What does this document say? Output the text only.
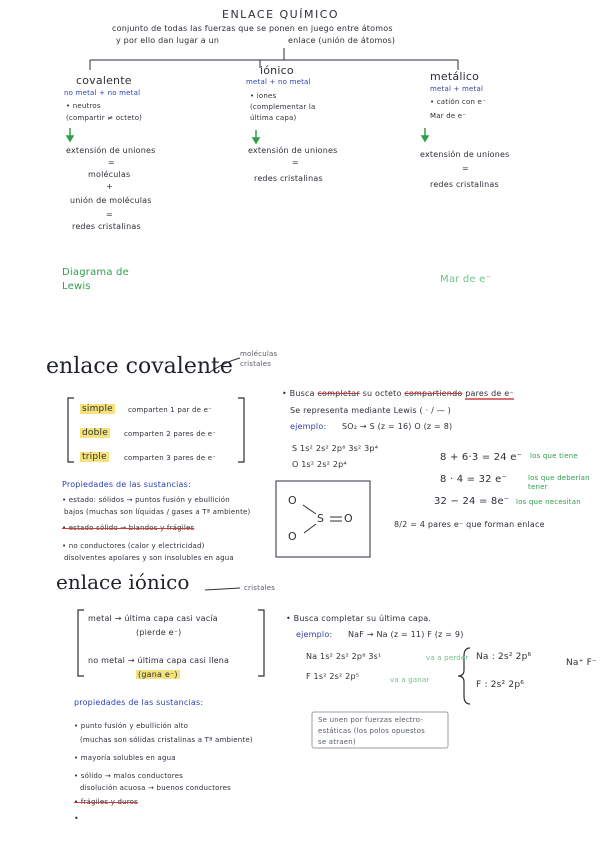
ENLACE QUÍMICO
conjunto de todas las fuerzas que se ponen en juego entre átomos
y por ello dan lugar a un	enlace (unión de átomos)
covalente
no metal + no metal
• neutros
(compartir ≠ octeto)
extensión de uniones
=
moléculas
+
unión de moléculas
=
redes cristalinas
iónico
metal + no metal
• iones
(complementar la
última capa)
extensión de uniones
=
redes cristalinas
metálico
metal + metal
• catión con e⁻
Mar de e⁻
extensión de uniones
=
redes cristalinas
Diagrama de Lewis
Mar de e⁻
enlace covalente moléculas
cristales
simple comparten 1 par de e⁻
doble comparten 2 pares de e⁻
triple comparten 3 pares de e⁻
• Busca completar su octeto compartiendo pares de e⁻
Se representa mediante Lewis ( · / — )
ejemplo: SO₂ → S (z = 16) O (z = 8)
S 1s² 2s² 2p⁶ 3s² 3p⁴
O 1s² 2s² 2p⁴
8 + 6·3 = 24 e⁻ los que tiene
8 · 4 = 32 e⁻	los que deberían tener
32 − 24 = 8e⁻ los que necesitan
8/2 = 4 pares e⁻ que forman enlace
O
S O
O
Propiedades de las sustancias:
• estado: sólidos → puntos fusión y ebullición
bajos (muchas son líquidas / gases a Tª ambiente)
• estado sólido → blandos y frágiles
• no conductores (calor y electricidad)
disolventes apolares y son insolubles en agua
enlace iónico	cristales
metal → última capa casi vacía
(pierde e⁻)
no metal → última capa casi llena
(gana e⁻)
• Busca completar su última capa.
ejemplo: NaF → Na (z = 11) F (z = 9)
Na 1s² 2s² 2p⁶ 3s¹	va a perder
F 1s² 2s² 2p⁵	va a ganar
Na : 2s² 2p⁶
F : 2s² 2p⁶
Na⁺ F⁻
Se unen por fuerzas electro-
estáticas (los polos opuestos
se atraen)
propiedades de las sustancias:
• punto fusión y ebullición alto
(muchas son sólidas cristalinas a Tª ambiente)
• mayoría solubles en agua
• sólido → malos conductores
disolución acuosa → buenos conductores
• frágiles y duros
•
